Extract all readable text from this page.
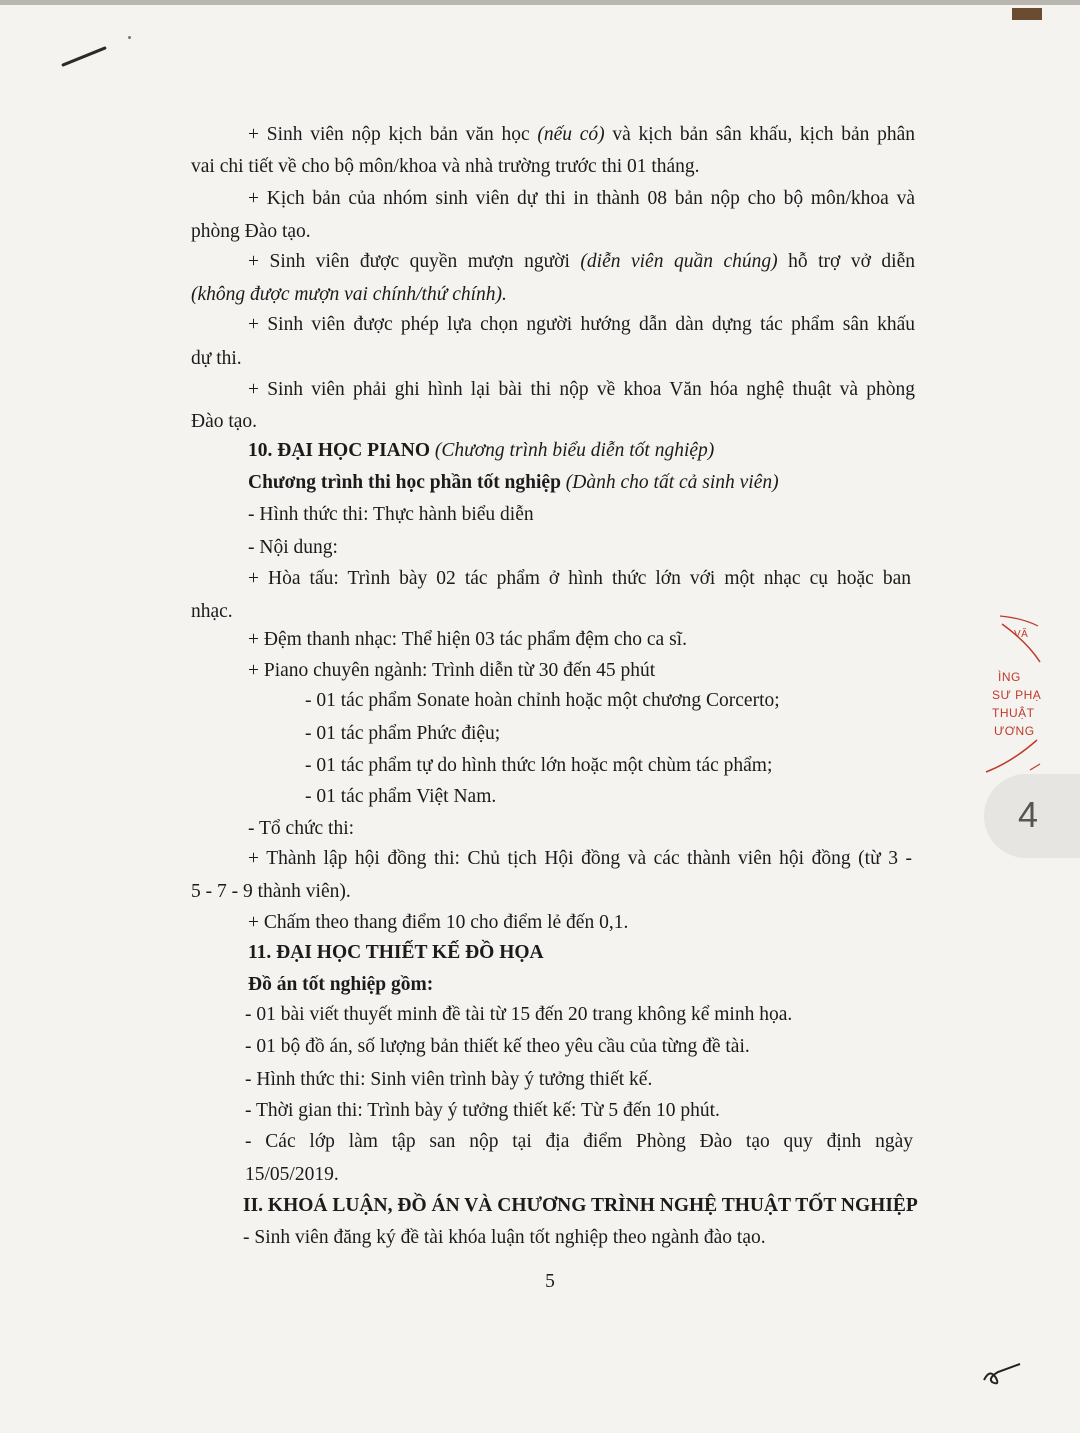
+ Sinh viên nộp kịch bản văn học (nếu có) và kịch bản sân khấu, kịch bản phân
vai chi tiết về cho bộ môn/khoa và nhà trường trước thi 01 tháng.
+ Kịch bản của nhóm sinh viên dự thi in thành 08 bản nộp cho bộ môn/khoa và
phòng Đào tạo.
+ Sinh viên được quyền mượn người (diễn viên quần chúng) hỗ trợ vở diễn
(không được mượn vai chính/thứ chính).
+ Sinh viên được phép lựa chọn người hướng dẫn dàn dựng tác phẩm sân khấu
dự thi.
+ Sinh viên phải ghi hình lại bài thi nộp về khoa Văn hóa nghệ thuật và phòng
Đào tạo.
10. ĐẠI HỌC PIANO (Chương trình biểu diễn tốt nghiệp)
Chương trình thi học phần tốt nghiệp (Dành cho tất cả sinh viên)
- Hình thức thi: Thực hành biểu diễn
- Nội dung:
+ Hòa tấu: Trình bày 02 tác phẩm ở hình thức lớn với một nhạc cụ hoặc ban
nhạc.
+ Đệm thanh nhạc: Thể hiện 03 tác phẩm đệm cho ca sĩ.
+ Piano chuyên ngành: Trình diễn từ 30 đến 45 phút
- 01 tác phẩm Sonate hoàn chỉnh hoặc một chương Corcerto;
- 01 tác phẩm Phức điệu;
- 01 tác phẩm tự do hình thức lớn hoặc một chùm tác phẩm;
- 01 tác phẩm Việt Nam.
- Tổ chức thi:
+ Thành lập hội đồng thi: Chủ tịch Hội đồng và các thành viên hội đồng (từ 3 -
5 - 7 - 9 thành viên).
+ Chấm theo thang điểm 10 cho điểm lẻ đến 0,1.
11. ĐẠI HỌC THIẾT KẾ ĐỒ HỌA
Đồ án tốt nghiệp gồm:
- 01 bài viết thuyết minh đề tài từ 15 đến 20 trang không kể minh họa.
- 01 bộ đồ án, số lượng bản thiết kế theo yêu cầu của từng đề tài.
- Hình thức thi: Sinh viên trình bày ý tưởng thiết kế.
- Thời gian thi: Trình bày ý tưởng thiết kế: Từ 5 đến 10 phút.
- Các lớp làm tập san nộp tại địa điểm Phòng Đào tạo quy định ngày
15/05/2019.
II. KHOÁ LUẬN, ĐỒ ÁN VÀ CHƯƠNG TRÌNH NGHỆ THUẬT TỐT NGHIỆP
- Sinh viên đăng ký đề tài khóa luận tốt nghiệp theo ngành đào tạo.
5
VĂ
ÌNG
SƯ PHẠ
THUẬT
ƯƠNG
4
